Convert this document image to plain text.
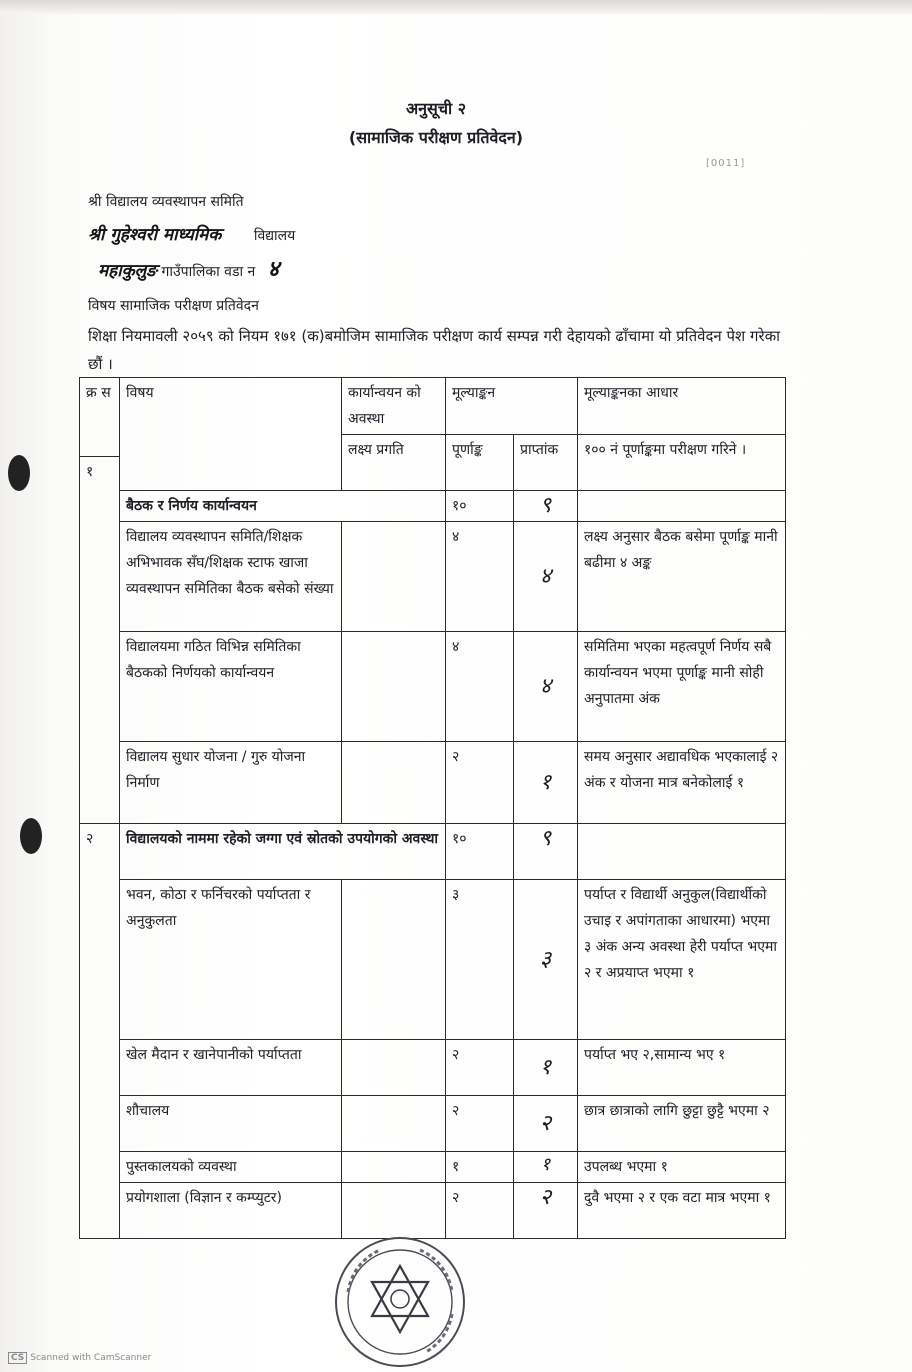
अनुसूची २
(सामाजिक परीक्षण प्रतिवेदन)
[0011]
श्री विद्यालय व्यवस्थापन समिति
श्री गुहेश्वरी माध्यमिक विद्यालय
महाकुलुङ गाउँपालिका वडा न ४
विषय सामाजिक परीक्षण प्रतिवेदन
शिक्षा नियमावली २०५९ को नियम १७१ (क)बमोजिम सामाजिक परीक्षण कार्य सम्पन्न गरी देहायको ढाँचामा यो प्रतिवेदन पेश गरेका छौं ।
क्र स	विषय	कार्यान्वयन को अवस्था	मूल्याङ्कन		मूल्याङ्कनका आधार
		लक्ष्य प्रगति	पूर्णाङ्क	प्राप्तांक	१०० नं पूर्णाङ्कमा परीक्षण गरिने ।
१					
	बैठक र निर्णय कार्यान्वयन		१०	९	
	विद्यालय व्यवस्थापन समिति/शिक्षक अभिभावक सँघ/शिक्षक स्टाफ खाजा व्यवस्थापन समितिका बैठक बसेको संख्या		४	४	लक्ष्य अनुसार बैठक बसेमा पूर्णाङ्क मानी बढीमा ४ अङ्क
	विद्यालयमा गठित विभिन्न समितिका बैठकको निर्णयको कार्यान्वयन		४	४	समितिमा भएका महत्वपूर्ण निर्णय सबै कार्यान्वयन भएमा पूर्णाङ्क मानी सोही अनुपातमा अंक
	विद्यालय सुधार योजना / गुरु योजना निर्माण		२	१	समय अनुसार अद्यावधिक भएकालाई २ अंक र योजना मात्र बनेकोलाई १
२	विद्यालयको नाममा रहेको जग्गा एवं स्रोतको उपयोगको अवस्था		१०	९	
	भवन, कोठा र फर्निचरको पर्याप्तता र अनुकुलता		३	३	पर्याप्त र विद्यार्थी अनुकुल(विद्यार्थीको उचाइ र अपांगताका आधारमा) भएमा ३ अंक अन्य अवस्था हेरी पर्याप्त भएमा २ र अप्रयाप्त भएमा १
	खेल मैदान र खानेपानीको पर्याप्तता		२	१	पर्याप्त भए २,सामान्य भए १
	शौचालय		२	२	छात्र छात्राको लागि छुट्टा छुट्टै भएमा २
	पुस्तकालयको व्यवस्था		१	१	उपलब्ध भएमा १
	प्रयोगशाला (विज्ञान र कम्प्युटर)		२	२	दुवै भएमा २ र एक वटा मात्र भएमा १
CS Scanned with CamScanner
